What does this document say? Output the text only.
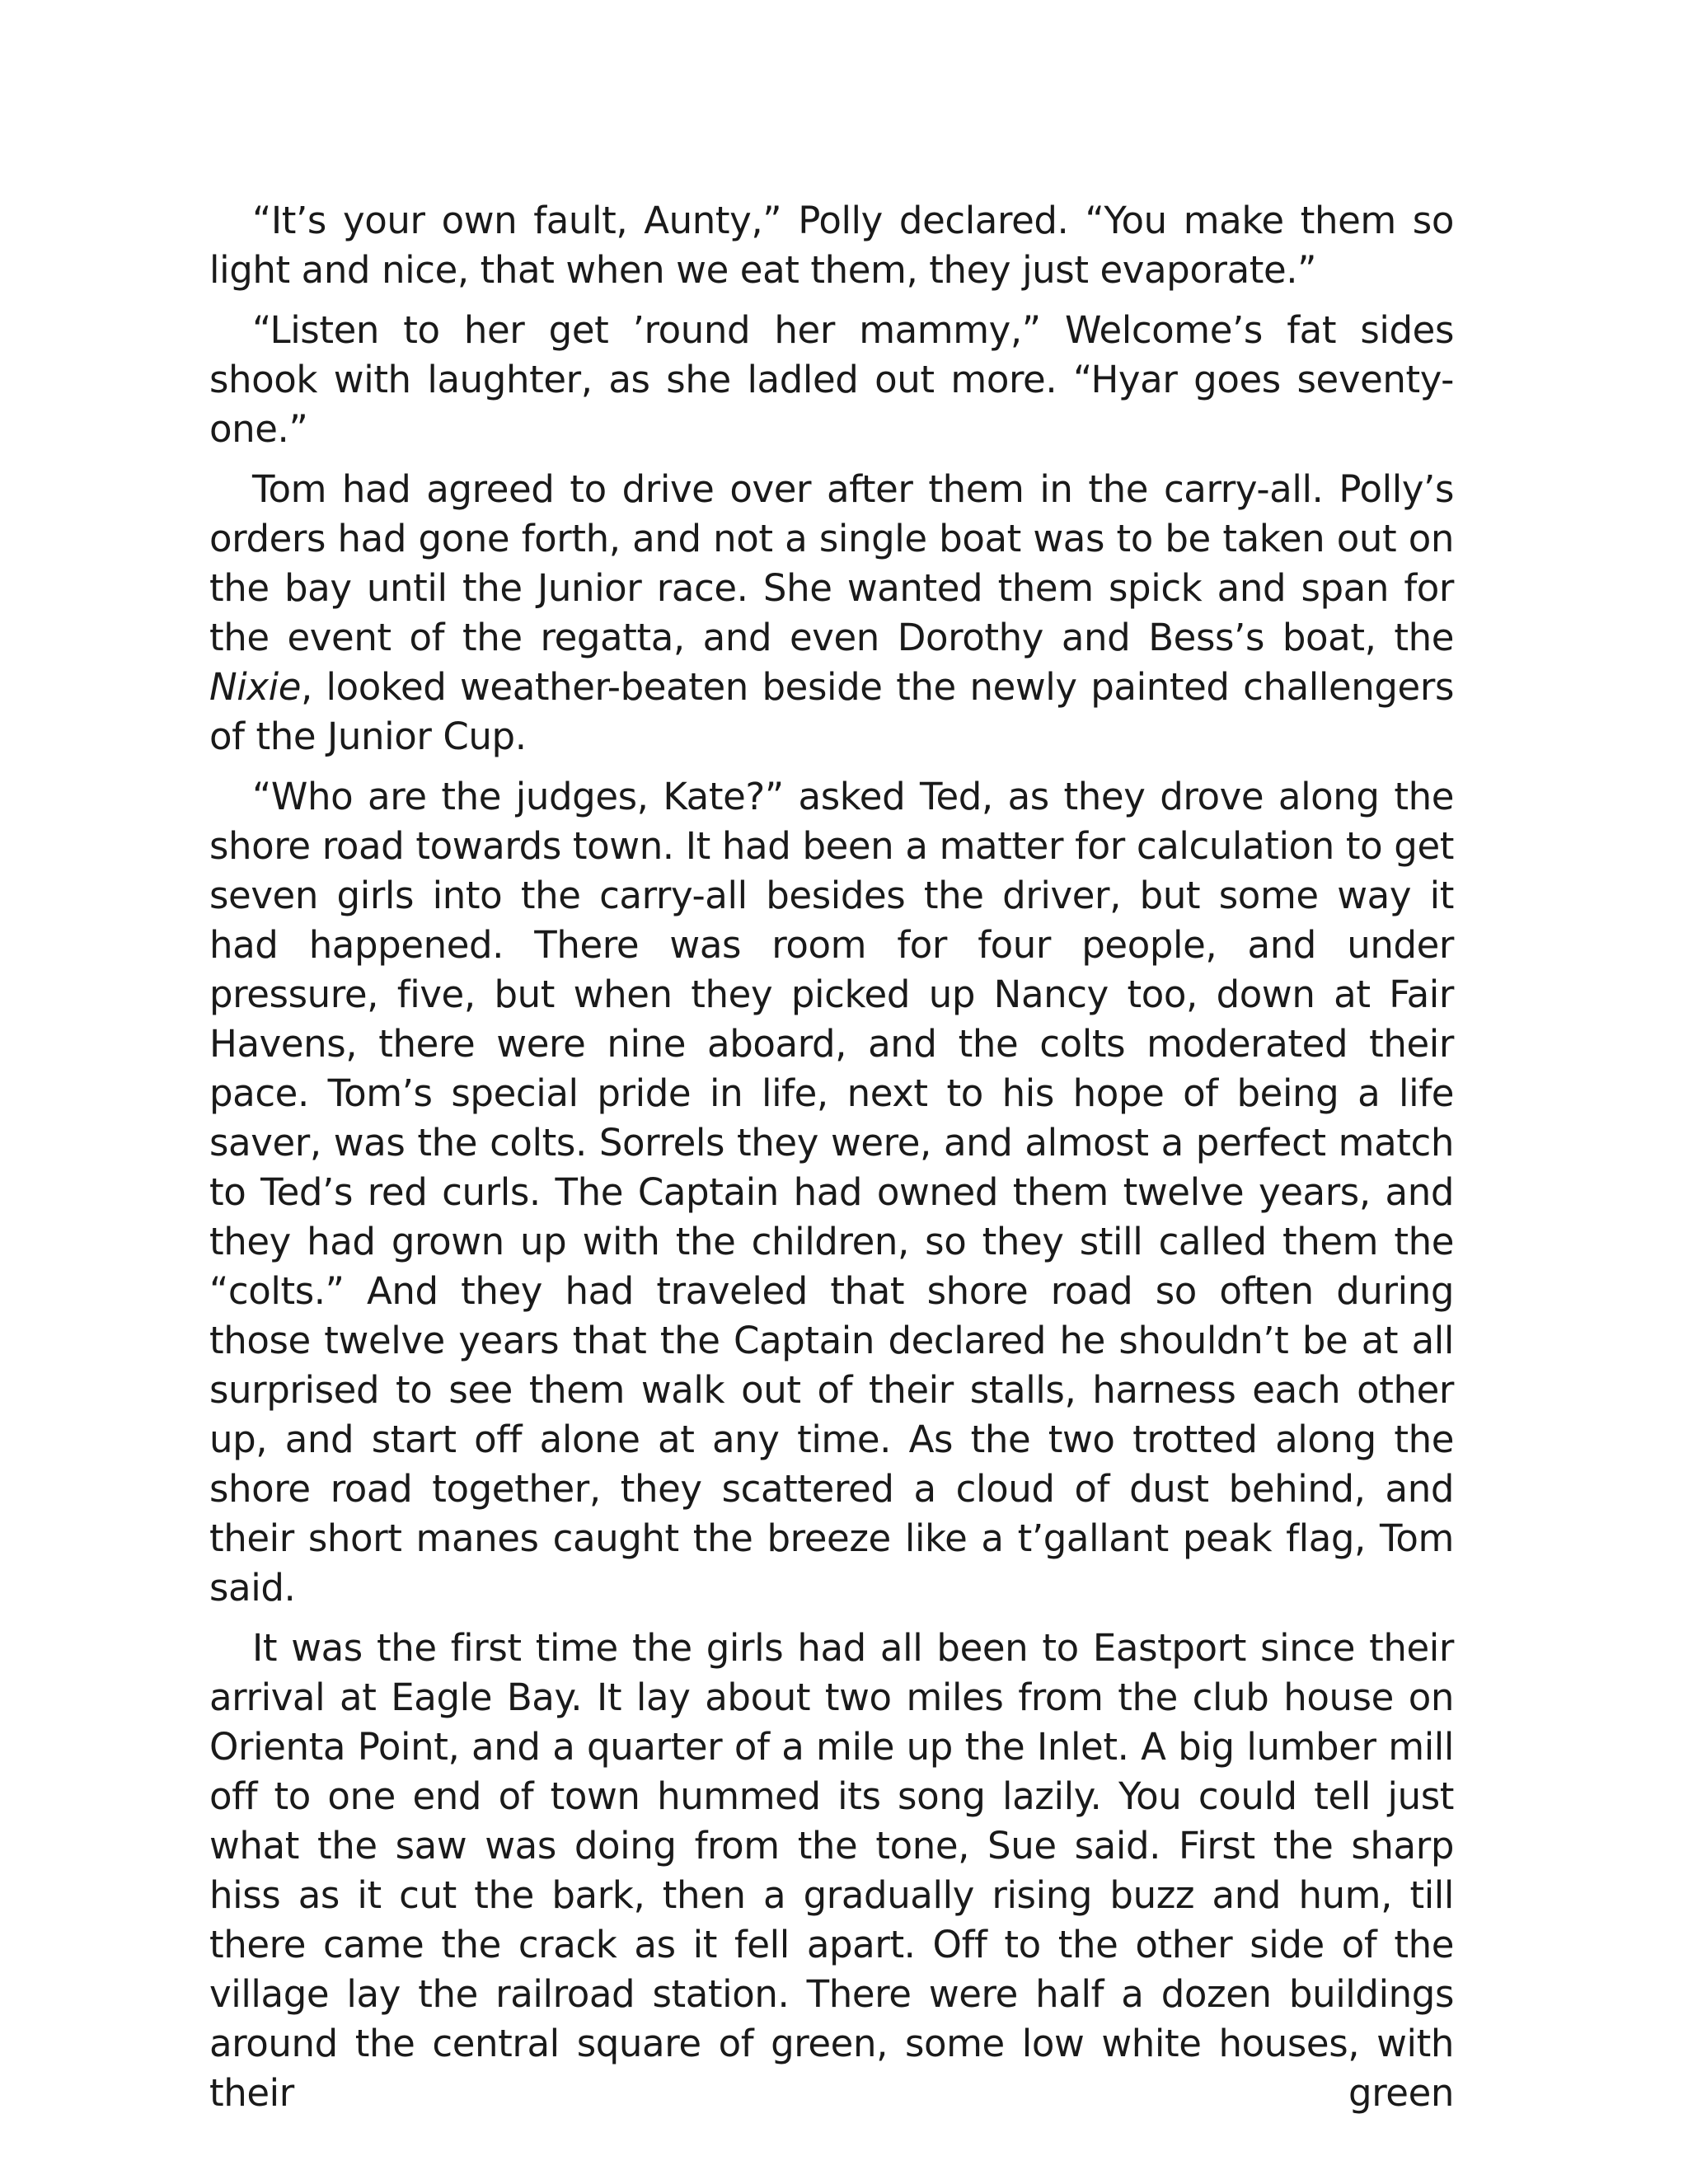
“It’s your own fault, Aunty,” Polly declared. “You make them so light and nice, that when we eat them, they just evaporate.”

“Listen to her get ’round her mammy,” Welcome’s fat sides shook with laughter, as she ladled out more. “Hyar goes seventy-one.”

Tom had agreed to drive over after them in the carry-all. Polly’s orders had gone forth, and not a single boat was to be taken out on the bay until the Junior race. She wanted them spick and span for the event of the regatta, and even Dorothy and Bess’s boat, the Nixie, looked weather-beaten beside the newly painted challengers of the Junior Cup.

“Who are the judges, Kate?” asked Ted, as they drove along the shore road towards town. It had been a matter for calculation to get seven girls into the carry-all besides the driver, but some way it had happened. There was room for four people, and under pressure, five, but when they picked up Nancy too, down at Fair Havens, there were nine aboard, and the colts moderated their pace. Tom’s special pride in life, next to his hope of being a life saver, was the colts. Sorrels they were, and almost a perfect match to Ted’s red curls. The Captain had owned them twelve years, and they had grown up with the children, so they still called them the “colts.” And they had traveled that shore road so often during those twelve years that the Captain declared he shouldn’t be at all surprised to see them walk out of their stalls, harness each other up, and start off alone at any time. As the two trotted along the shore road together, they scattered a cloud of dust behind, and their short manes caught the breeze like a t’gallant peak flag, Tom said.

It was the first time the girls had all been to Eastport since their arrival at Eagle Bay. It lay about two miles from the club house on Orienta Point, and a quarter of a mile up the Inlet. A big lumber mill off to one end of town hummed its song lazily. You could tell just what the saw was doing from the tone, Sue said. First the sharp hiss as it cut the bark, then a gradually rising buzz and hum, till there came the crack as it fell apart. Off to the other side of the village lay the railroad station. There were half a dozen buildings around the central square of green, some low white houses, with their green
